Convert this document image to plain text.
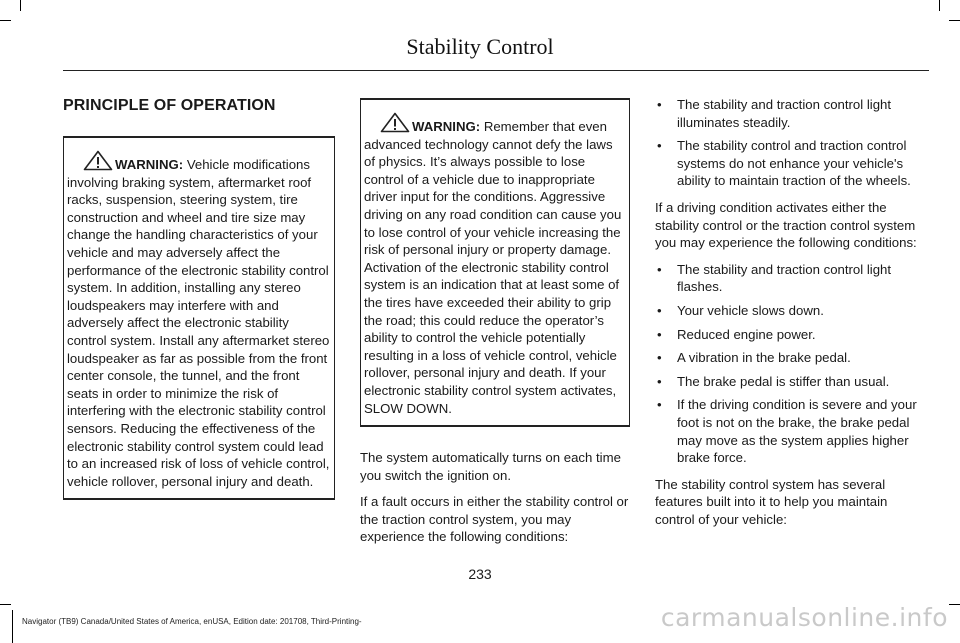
Stability Control
PRINCIPLE OF OPERATION
WARNING: Vehicle modifications involving braking system, aftermarket roof racks, suspension, steering system, tire construction and wheel and tire size may change the handling characteristics of your vehicle and may adversely affect the performance of the electronic stability control system. In addition, installing any stereo loudspeakers may interfere with and adversely affect the electronic stability control system. Install any aftermarket stereo loudspeaker as far as possible from the front center console, the tunnel, and the front seats in order to minimize the risk of interfering with the electronic stability control sensors. Reducing the effectiveness of the electronic stability control system could lead to an increased risk of loss of vehicle control, vehicle rollover, personal injury and death.
WARNING: Remember that even advanced technology cannot defy the laws of physics. It’s always possible to lose control of a vehicle due to inappropriate driver input for the conditions. Aggressive driving on any road condition can cause you to lose control of your vehicle increasing the risk of personal injury or property damage. Activation of the electronic stability control system is an indication that at least some of the tires have exceeded their ability to grip the road; this could reduce the operator’s ability to control the vehicle potentially resulting in a loss of vehicle control, vehicle rollover, personal injury and death. If your electronic stability control system activates, SLOW DOWN.

The system automatically turns on each time you switch the ignition on.

If a fault occurs in either the stability control or the traction control system, you may experience the following conditions:

• The stability and traction control light illuminates steadily.
• The stability control and traction control systems do not enhance your vehicle's ability to maintain traction of the wheels.

If a driving condition activates either the stability control or the traction control system you may experience the following conditions:

• The stability and traction control light flashes.
• Your vehicle slows down.
• Reduced engine power.
• A vibration in the brake pedal.
• The brake pedal is stiffer than usual.
• If the driving condition is severe and your foot is not on the brake, the brake pedal may move as the system applies higher brake force.

The stability control system has several features built into it to help you maintain control of your vehicle:

233
Navigator (TB9) Canada/United States of America, enUSA, Edition date: 201708, Third-Printing-	carmanualsonline.info
